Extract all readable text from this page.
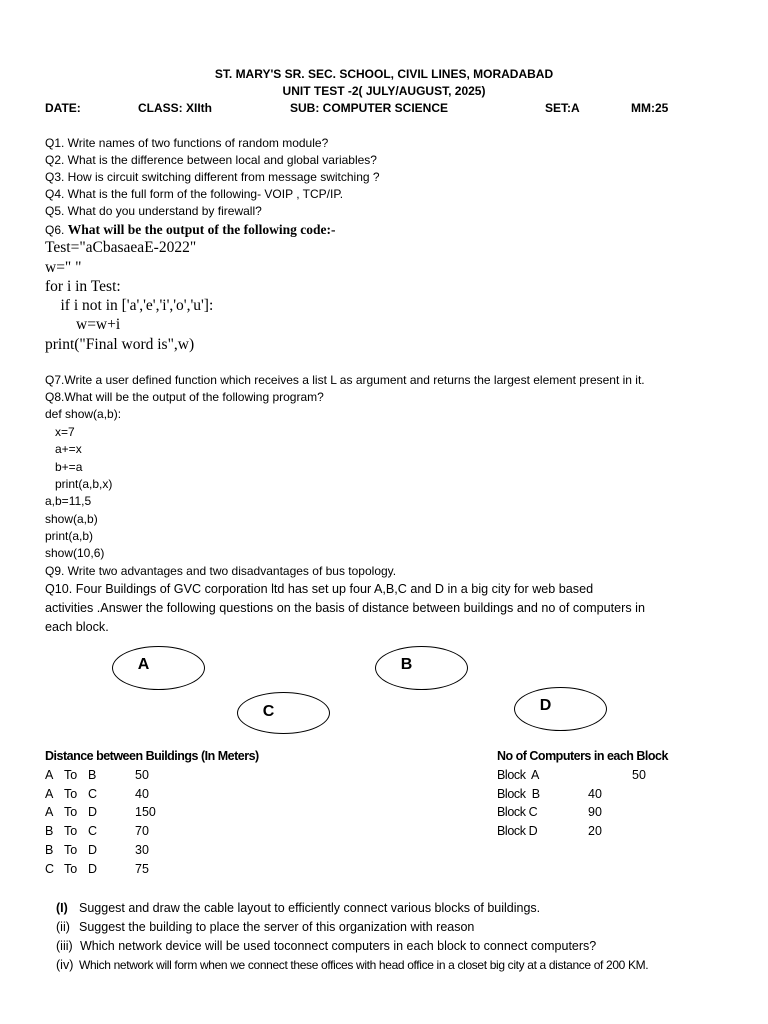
ST. MARY'S SR. SEC. SCHOOL, CIVIL LINES, MORADABAD
UNIT TEST -2( JULY/AUGUST, 2025)
DATE:	CLASS: XIIth	SUB: COMPUTER SCIENCE	SET:A	MM:25
Q1. Write names of two functions of random module?
Q2. What is the difference between local and global variables?
Q3. How is circuit switching different from message switching ?
Q4. What is the full form of the following- VOIP , TCP/IP.
Q5. What do you understand by firewall?
Q6. What will be the output of the following code:-
Test="aCbasaeaE-2022"
w=" "
for i in Test:
if i not in ['a','e','i','o','u']:
w=w+i
print("Final word is",w)
Q7.Write a user defined function which receives a list L as argument and returns the largest element present in it.
Q8.What will be the output of the following program?
def show(a,b):
x=7
a+=x
b+=a
print(a,b,x)
a,b=11,5
show(a,b)
print(a,b)
show(10,6)
Q9. Write two advantages and two disadvantages of bus topology.
Q10. Four Buildings of GVC corporation ltd has set up four A,B,C and D in a big city for web based
activities .Answer the following questions on the basis of distance between buildings and no of computers in
each block.
A	B
C	D
Distance between Buildings (In Meters)
A To B	50
A To C	40
A To D	150
B To C	70
B To D	30
C To D	75
No of Computers in each Block
Block  A	50
Block  B	40
Block C	90
Block D	20
(I) Suggest and draw the cable layout to efficiently connect various blocks of buildings.
(ii) Suggest the building to place the server of this organization with reason
(iii) Which network device will be used toconnect computers in each block to connect computers?
(iv) Which network will form when we connect these offices with head office in a closet big city at a distance of 200 KM.
